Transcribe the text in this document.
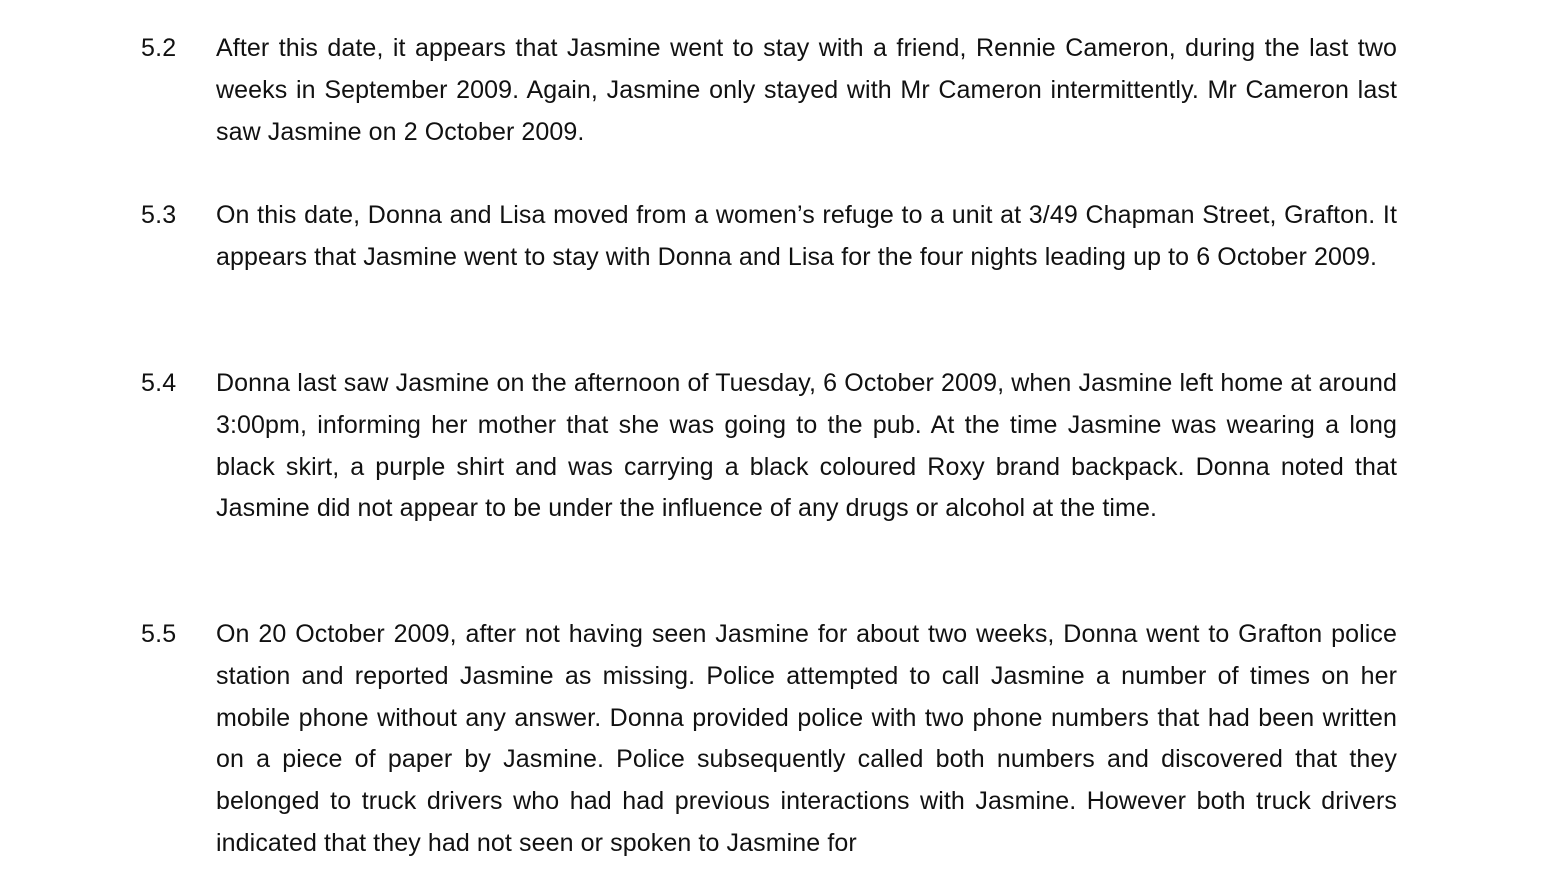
5.2	After this date, it appears that Jasmine went to stay with a friend, Rennie Cameron, during the last two weeks in September 2009. Again, Jasmine only stayed with Mr Cameron intermittently. Mr Cameron last saw Jasmine on 2 October 2009.
5.3	On this date, Donna and Lisa moved from a women’s refuge to a unit at 3/49 Chapman Street, Grafton. It appears that Jasmine went to stay with Donna and Lisa for the four nights leading up to 6 October 2009.
5.4	Donna last saw Jasmine on the afternoon of Tuesday, 6 October 2009, when Jasmine left home at around 3:00pm, informing her mother that she was going to the pub. At the time Jasmine was wearing a long black skirt, a purple shirt and was carrying a black coloured Roxy brand backpack. Donna noted that Jasmine did not appear to be under the influence of any drugs or alcohol at the time.
5.5	On 20 October 2009, after not having seen Jasmine for about two weeks, Donna went to Grafton police station and reported Jasmine as missing. Police attempted to call Jasmine a number of times on her mobile phone without any answer. Donna provided police with two phone numbers that had been written on a piece of paper by Jasmine. Police subsequently called both numbers and discovered that they belonged to truck drivers who had had previous interactions with Jasmine. However both truck drivers indicated that they had not seen or spoken to Jasmine for
